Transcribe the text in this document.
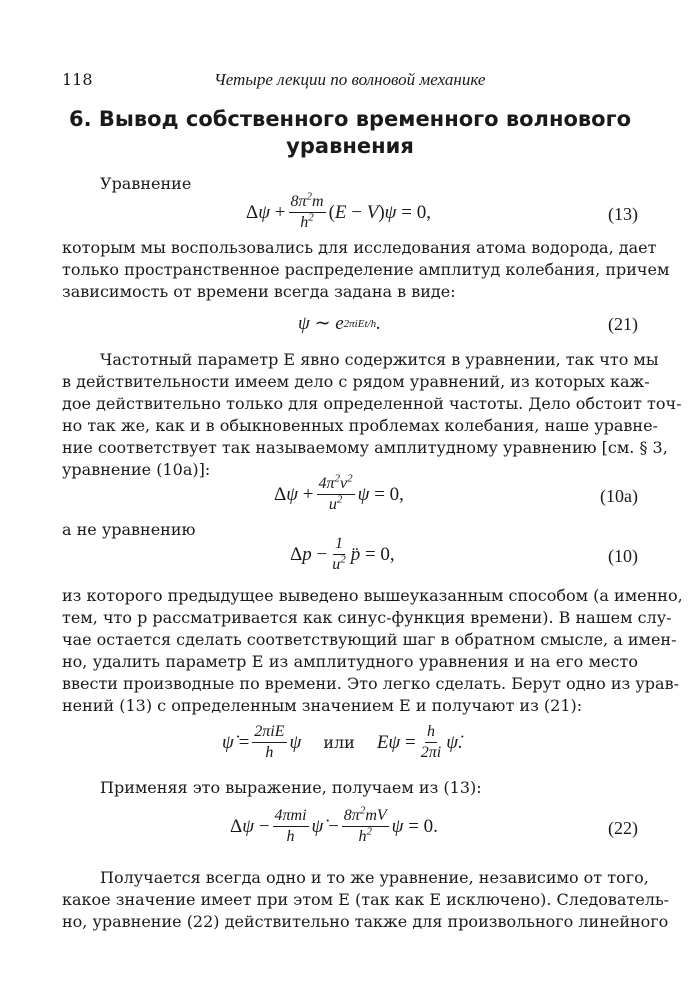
118	Четыре лекции по волновой механике
6. Вывод собственного временного волнового
уравнения
Уравнение
Δ $\psi + \frac{8\pi^2m}{h^2}$ ( E − V ) ψ = 0,	(13)
которым мы воспользовались для исследования атома водорода, дает
только пространственное распределение амплитуд колебания, причем
зависимость от времени всегда задана в виде:
ψ ∼ e 2πiEt/h .	(21)
Частотный параметр E явно содержится в уравнении, так что мы
в действительности имеем дело с рядом уравнений, из которых каж-
дое действительно только для определенной частоты. Дело обстоит точ-
но так же, как и в обыкновенных проблемах колебания, наше уравне-
ние соответствует так называемому амплитудному уравнению [см. § 3,
уравнение (10а)]:
Δ $\psi + \frac{4\pi^2\nu^2}{u^2}$ ψ = 0,	(10a)
а не уравнению
Δ $p - \frac{1}{u^2}$ p̈ = 0,	(10)
из которого предыдущее выведено вышеуказанным способом (а именно,
тем, что p рассматривается как синус-функция времени). В нашем слу-
чае остается сделать соответствующий шаг в обратном смысле, а имен-
но, удалить параметр E из амплитудного уравнения и на его место
ввести производные по времени. Это легко сделать. Берут одно из урав-
нений (13) с определенным значением E и получают из (21):
ψ̇ = $\frac{\text{2πiE}}{h}$ ψ или $E\psi = \frac{h}{2\pi i}$ ψ̇.
Применяя это выражение, получаем из (13):
Δ $\psi - \frac{\text{4πmi}}{h}$ ψ̇ − $\frac{8\pi^2mV}{h^2}$ ψ = 0.	(22)
Получается всегда одно и то же уравнение, независимо от того,
какое значение имеет при этом E (так как E исключено). Следователь-
но, уравнение (22) действительно также для произвольного линейного
